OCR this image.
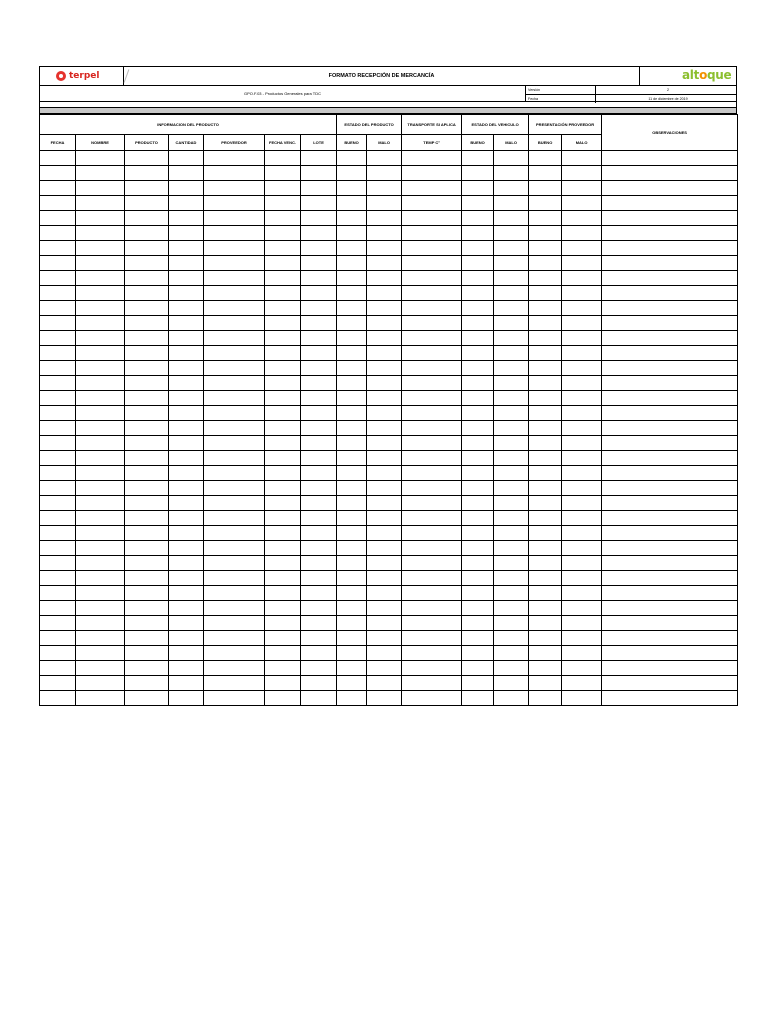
terpel	FORMATO RECEPCIÓN DE MERCANCÍA	altoque
GPO.F.03 - Productos Generales para TDC
Versión	2
Fecha	11 de diciembre de 2019
INFORMACION DEL PRODUCTO							ESTADO DEL PRODUCTO		TRANSPORTE SI APLICA	ESTADO DEL VEHICULO		PRESENTACIÓN PROVEEDOR		OBSERVACIONES
FECHA	NOMBRE	PRODUCTO	CANTIDAD	PROVEEDOR	FECHA VENC.	LOTE	BUENO	MALO	TEMP C°	BUENO	MALO	BUENO	MALO	
